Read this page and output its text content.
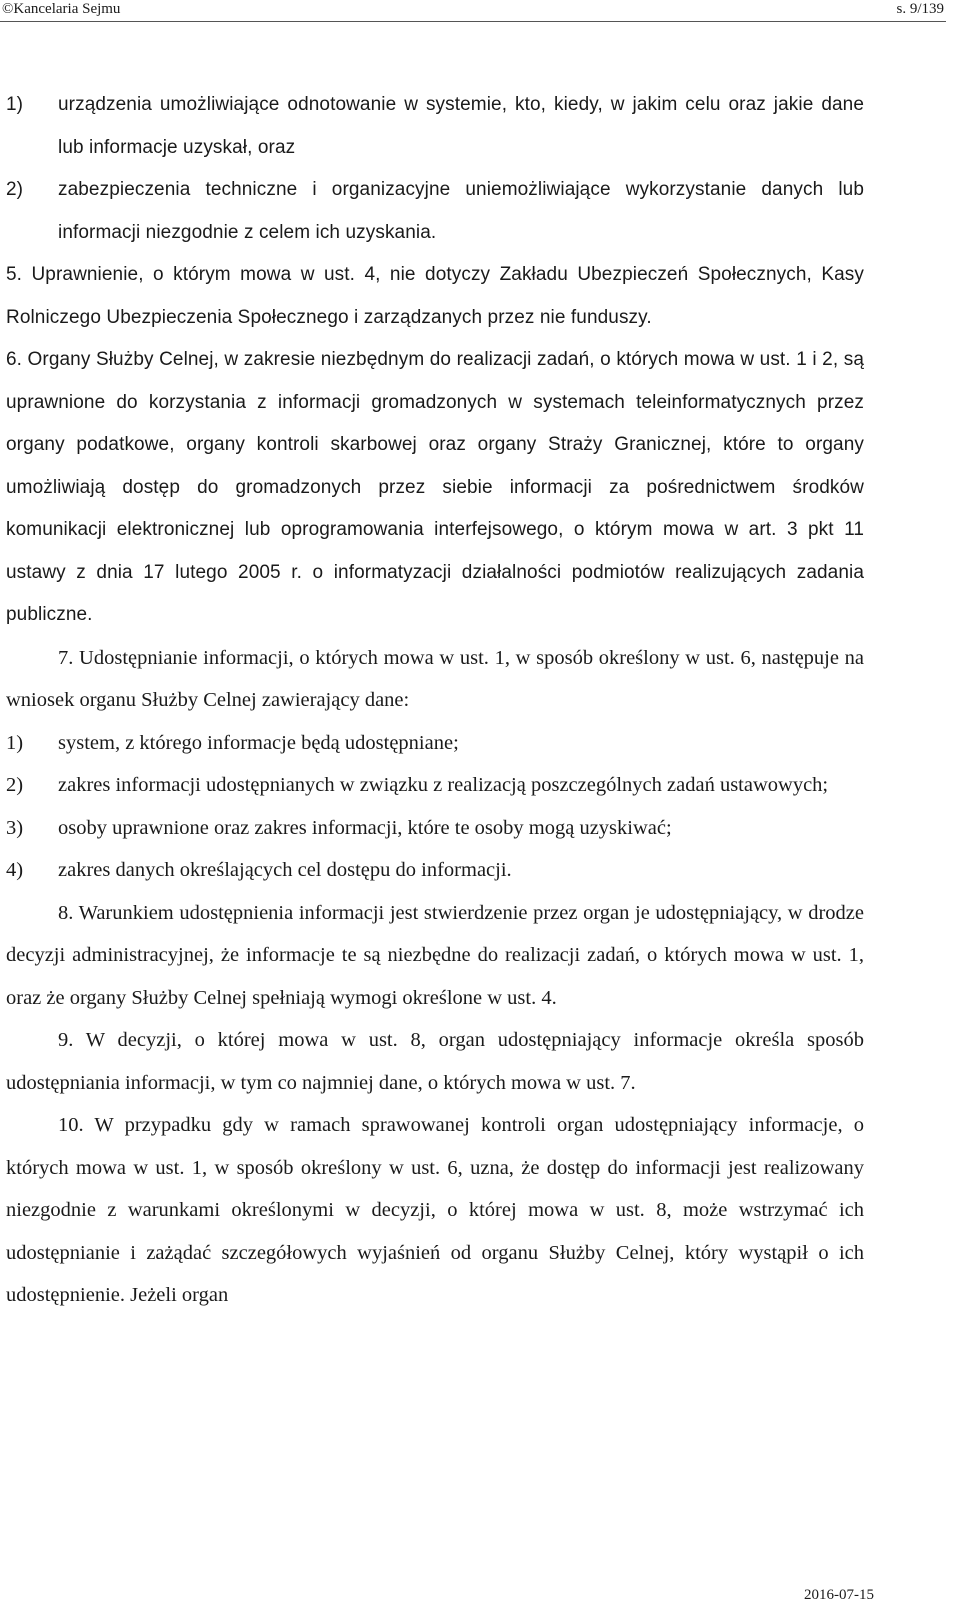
©Kancelaria Sejmu	s. 9/139
1) urządzenia umożliwiające odnotowanie w systemie, kto, kiedy, w jakim celu oraz jakie dane lub informacje uzyskał, oraz
2) zabezpieczenia techniczne i organizacyjne uniemożliwiające wykorzystanie danych lub informacji niezgodnie z celem ich uzyskania.

5. Uprawnienie, o którym mowa w ust. 4, nie dotyczy Zakładu Ubezpieczeń Społecznych, Kasy Rolniczego Ubezpieczenia Społecznego i zarządzanych przez nie funduszy.

6. Organy Służby Celnej, w zakresie niezbędnym do realizacji zadań, o których mowa w ust. 1 i 2, są uprawnione do korzystania z informacji gromadzonych w systemach teleinformatycznych przez organy podatkowe, organy kontroli skarbowej oraz organy Straży Granicznej, które to organy umożliwiają dostęp do gromadzonych przez siebie informacji za pośrednictwem środków komunikacji elektronicznej lub oprogramowania interfejsowego, o którym mowa w art. 3 pkt 11 ustawy z dnia 17 lutego 2005 r. o informatyzacji działalności podmiotów realizujących zadania publiczne.

7. Udostępnianie informacji, o których mowa w ust. 1, w sposób określony w ust. 6, następuje na wniosek organu Służby Celnej zawierający dane:

1) system, z którego informacje będą udostępniane;
2) zakres informacji udostępnianych w związku z realizacją poszczególnych zadań ustawowych;
3) osoby uprawnione oraz zakres informacji, które te osoby mogą uzyskiwać;
4) zakres danych określających cel dostępu do informacji.

8. Warunkiem udostępnienia informacji jest stwierdzenie przez organ je udostępniający, w drodze decyzji administracyjnej, że informacje te są niezbędne do realizacji zadań, o których mowa w ust. 1, oraz że organy Służby Celnej spełniają wymogi określone w ust. 4.

9. W decyzji, o której mowa w ust. 8, organ udostępniający informacje określa sposób udostępniania informacji, w tym co najmniej dane, o których mowa w ust. 7.

10. W przypadku gdy w ramach sprawowanej kontroli organ udostępniający informacje, o których mowa w ust. 1, w sposób określony w ust. 6, uzna, że dostęp do informacji jest realizowany niezgodnie z warunkami określonymi w decyzji, o której mowa w ust. 8, może wstrzymać ich udostępnianie i zażądać szczegółowych wyjaśnień od organu Służby Celnej, który wystąpił o ich udostępnienie. Jeżeli organ

2016-07-15
